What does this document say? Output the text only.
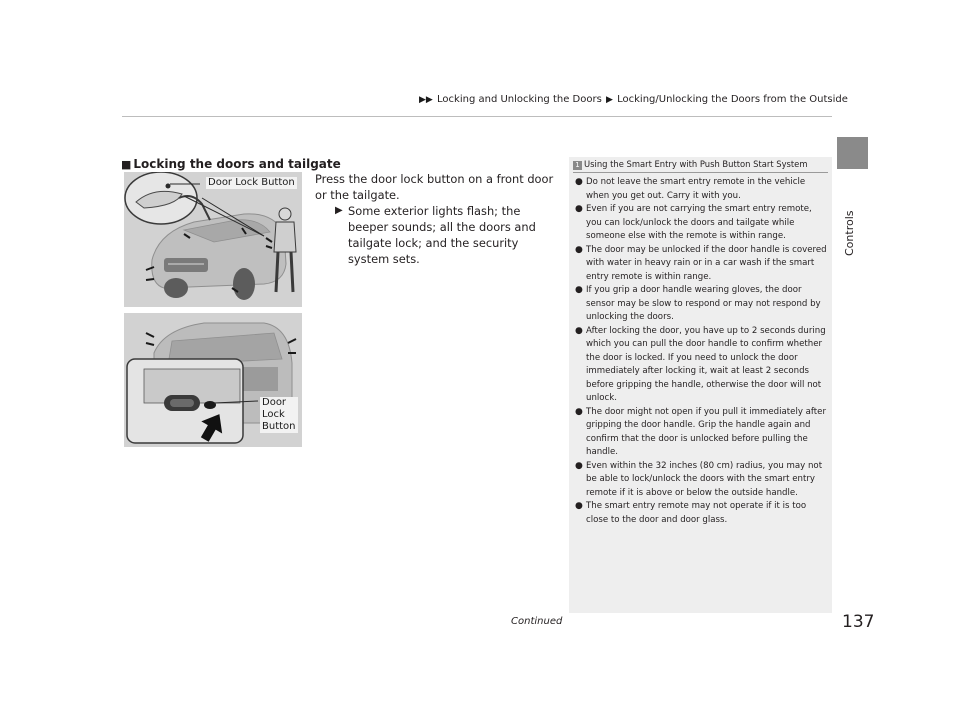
▶▶ Locking and Unlocking the Doors ▶ Locking/Unlocking the Doors from the Outside
Controls
■ Locking the doors and tailgate
Door Lock Button
Door
Lock
Button

Press the door lock button on a front door or the tailgate.

▶ Some exterior lights flash; the beeper sounds; all the doors and tailgate lock; and the security system sets.

1 Using the Smart Entry with Push Button Start System
● Do not leave the smart entry remote in the vehicle when you get out. Carry it with you.
● Even if you are not carrying the smart entry remote, you can lock/unlock the doors and tailgate while someone else with the remote is within range.
● The door may be unlocked if the door handle is covered with water in heavy rain or in a car wash if the smart entry remote is within range.
● If you grip a door handle wearing gloves, the door sensor may be slow to respond or may not respond by unlocking the doors.
● After locking the door, you have up to 2 seconds during which you can pull the door handle to confirm whether the door is locked. If you need to unlock the door immediately after locking it, wait at least 2 seconds before gripping the handle, otherwise the door will not unlock.
● The door might not open if you pull it immediately after gripping the door handle. Grip the handle again and confirm that the door is unlocked before pulling the handle.
● Even within the 32 inches (80 cm) radius, you may not be able to lock/unlock the doors with the smart entry remote if it is above or below the outside handle.
● The smart entry remote may not operate if it is too close to the door and door glass.
Continued	137
